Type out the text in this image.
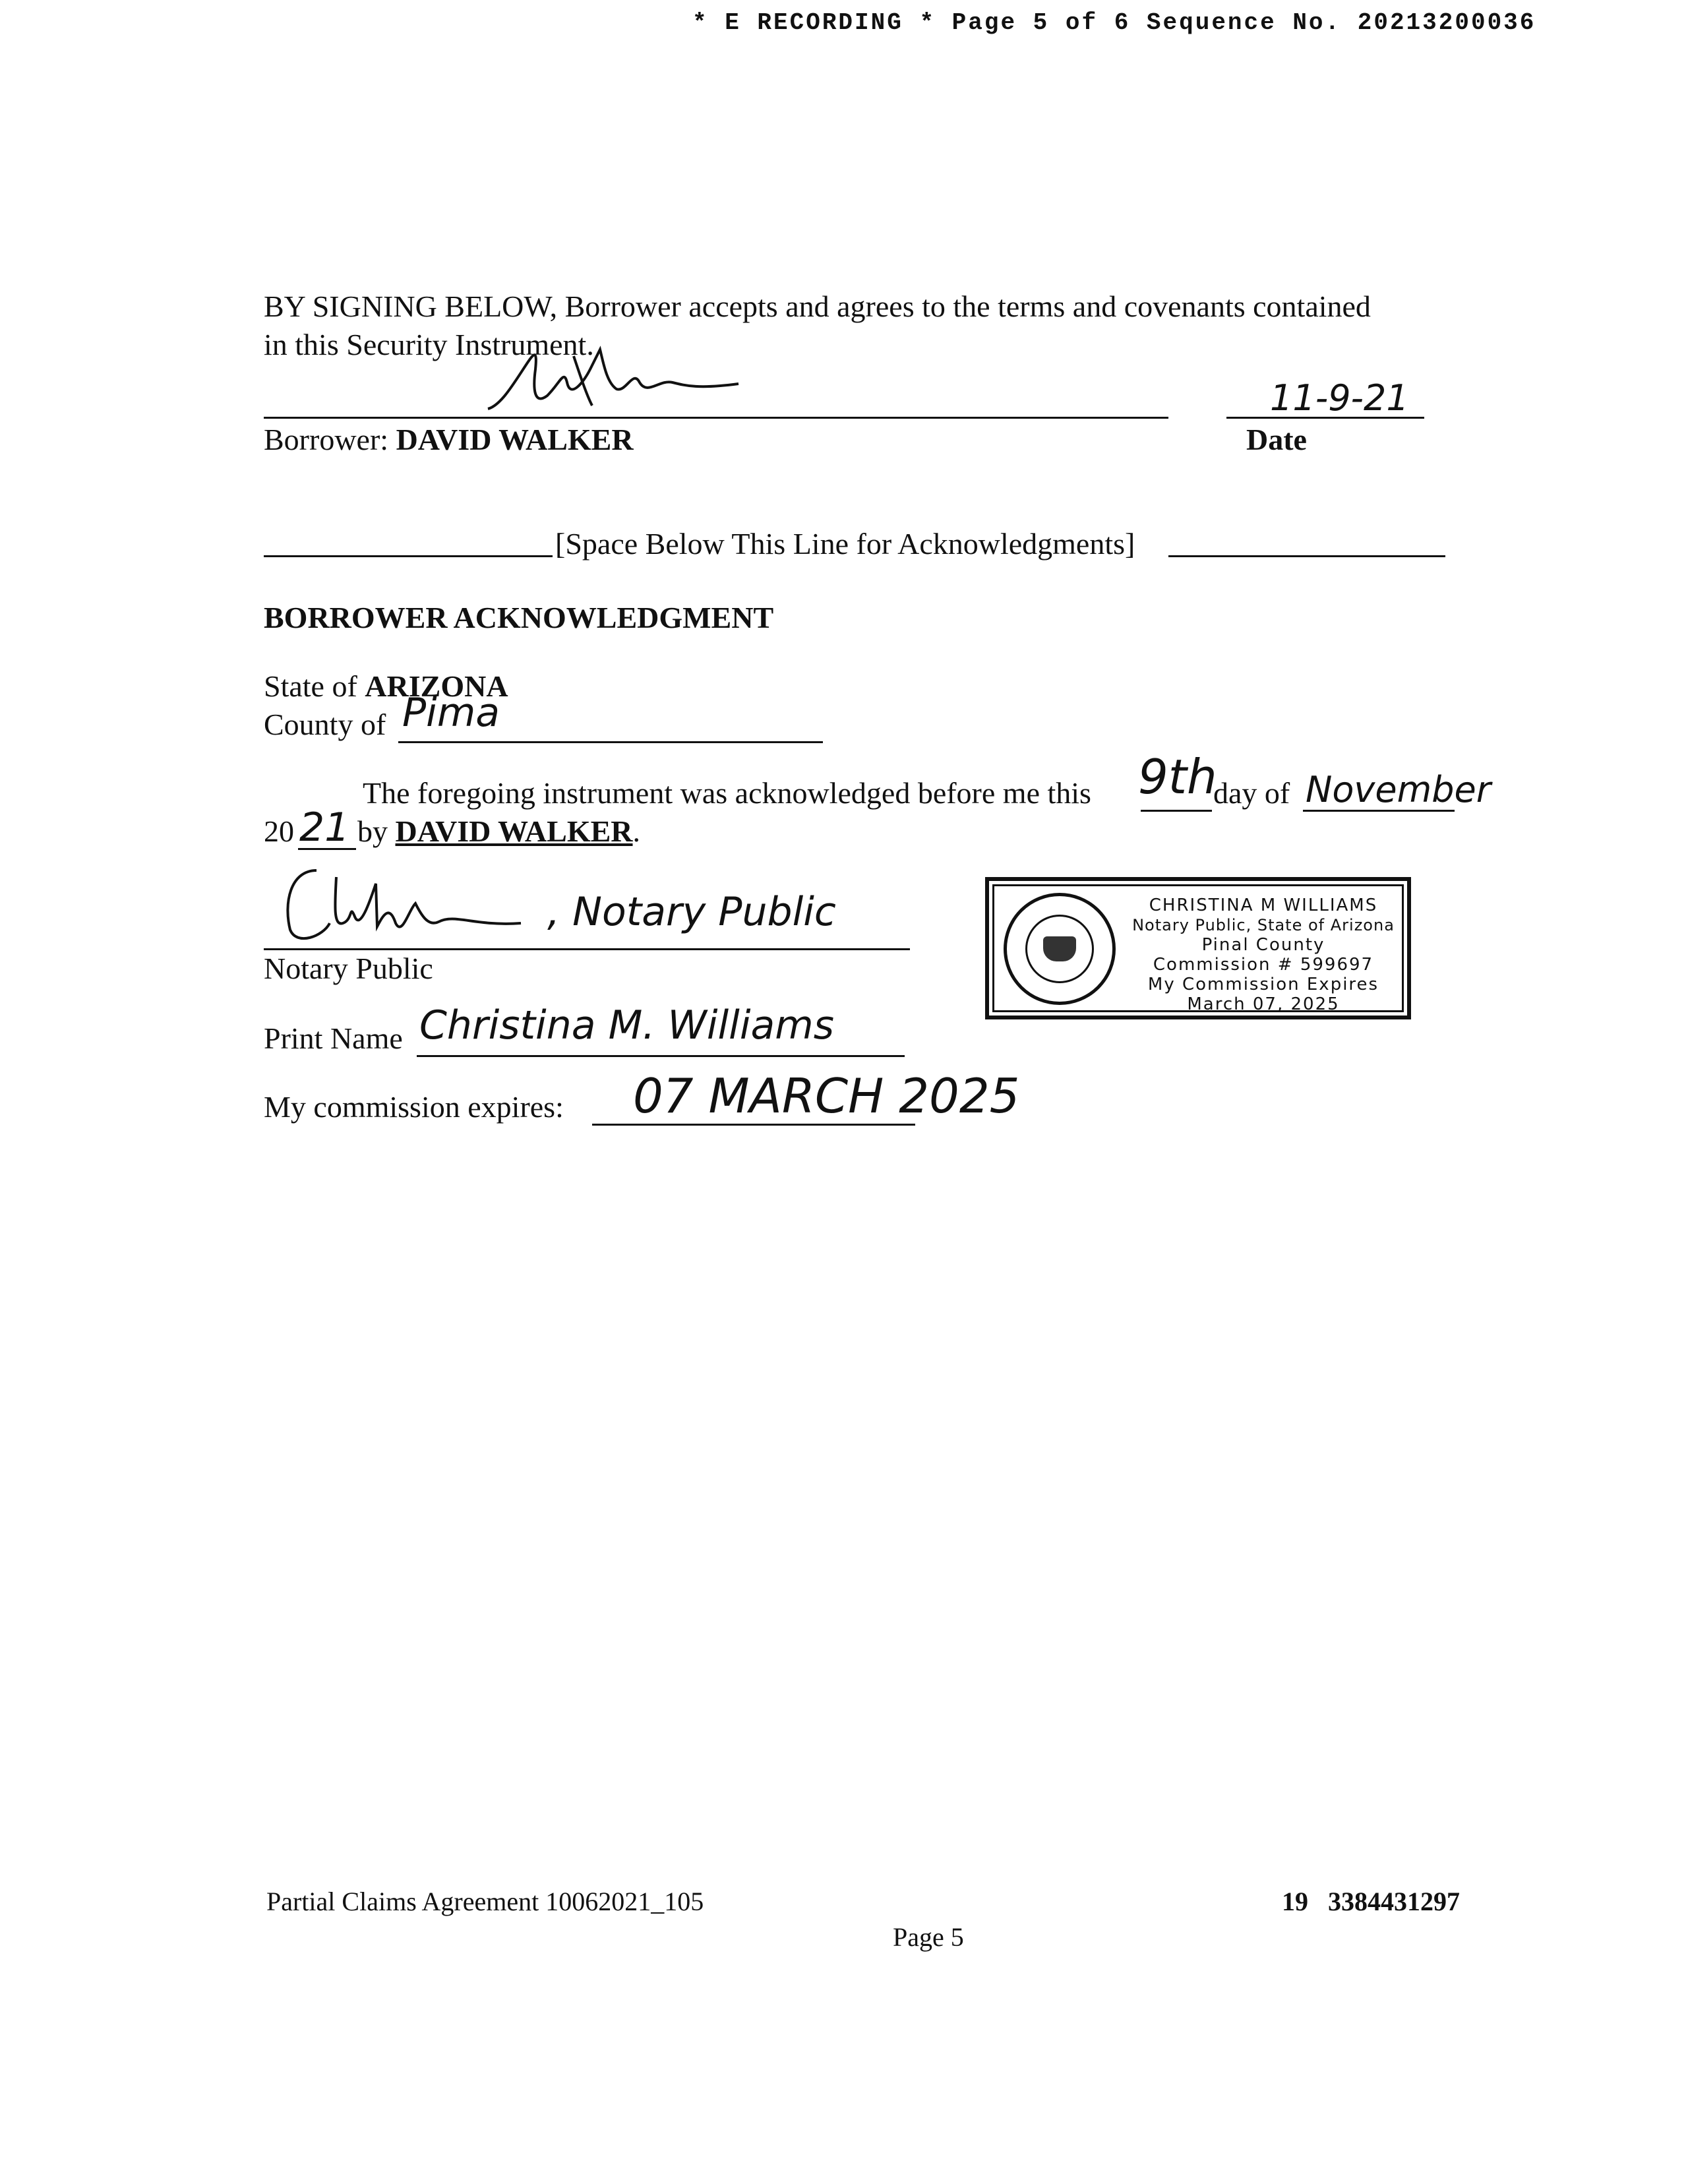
* E RECORDING * Page 5 of 6 Sequence No. 20213200036
BY SIGNING BELOW, Borrower accepts and agrees to the terms and covenants contained
in this Security Instrument.
11-9-21
Borrower: DAVID WALKER	Date
[Space Below This Line for Acknowledgments]
BORROWER ACKNOWLEDGMENT
State of ARIZONA
County of Pima
The foregoing instrument was acknowledged before me this 9th
day of November
20 21 by DAVID WALKER.
, Notary Public
Notary Public
Print Name Christina M. Williams
My commission expires: 07 MARCH 2025
CHRISTINA M WILLIAMS
Notary Public, State of Arizona
Pinal County
Commission # 599697
My Commission Expires
March 07, 2025
Partial Claims Agreement 10062021_105	19 3384431297
Page 5
